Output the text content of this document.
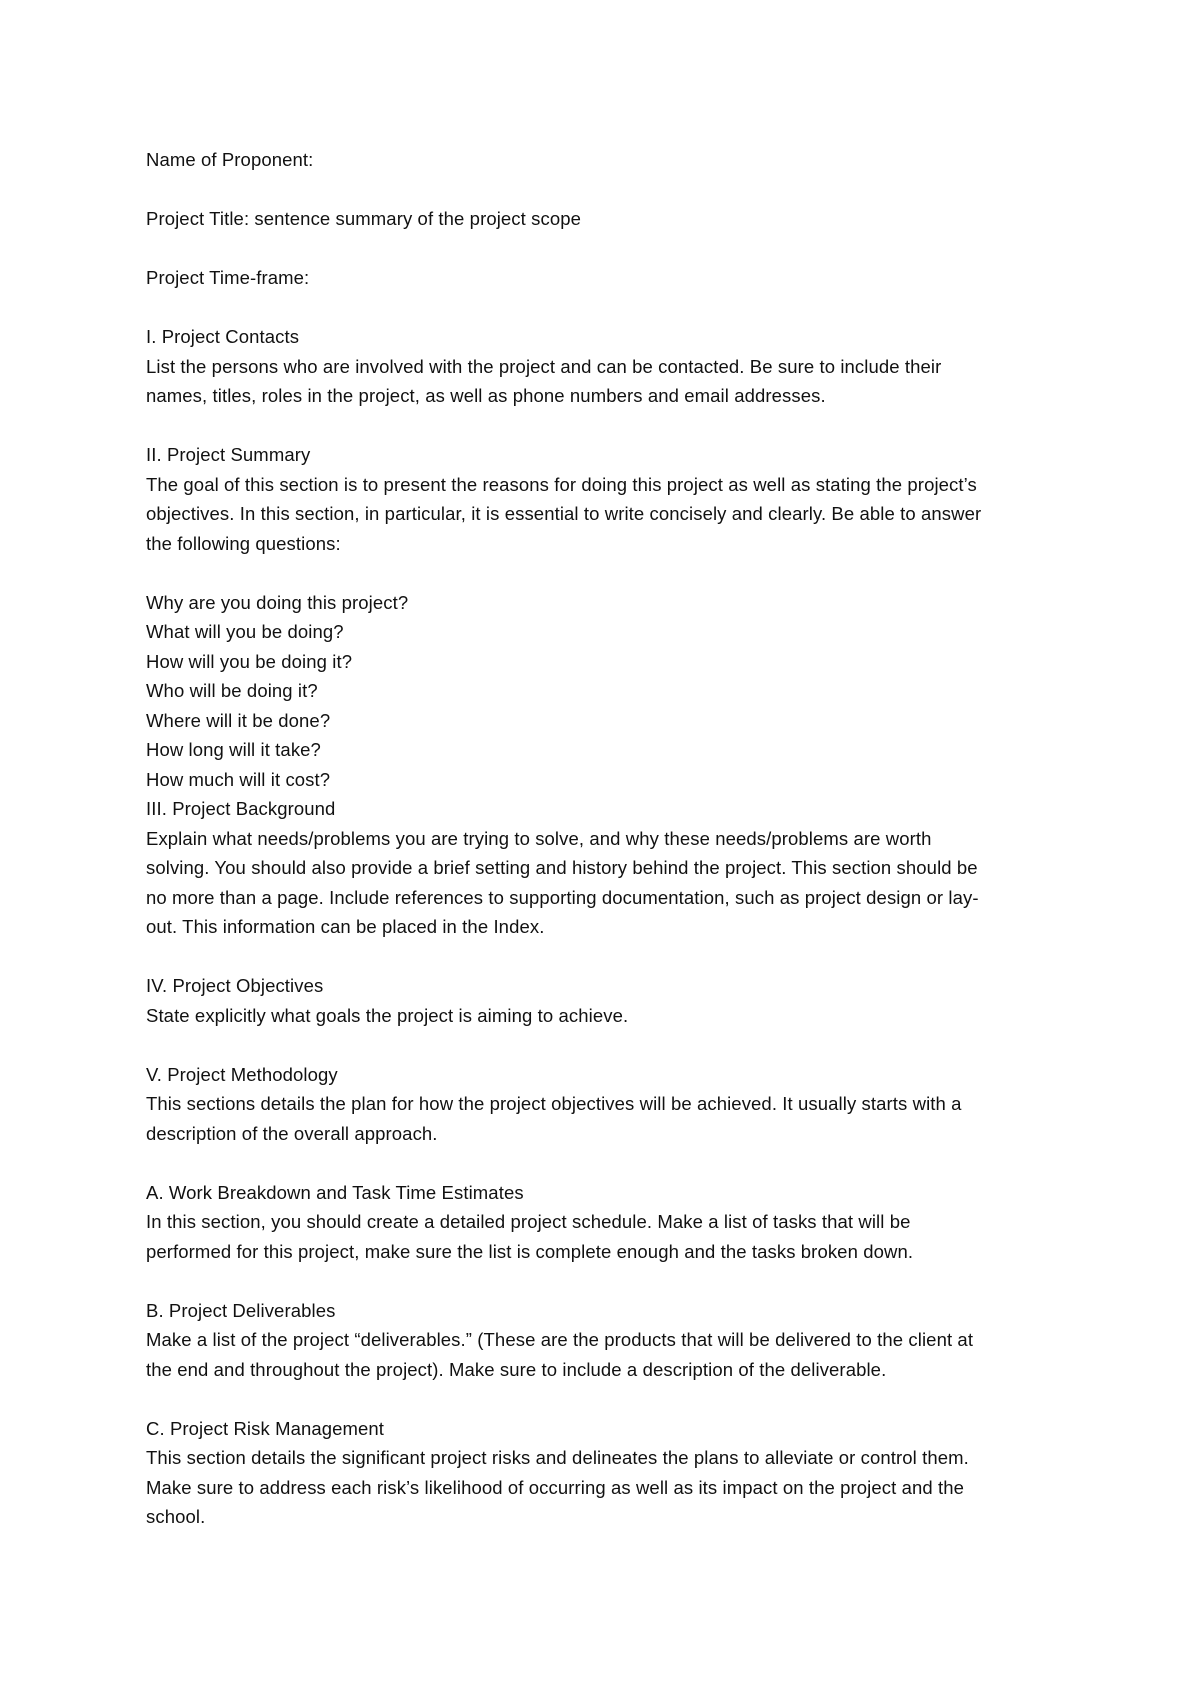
Name of Proponent:
Project Title: sentence summary of the project scope
Project Time-frame:
I. Project Contacts
List the persons who are involved with the project and can be contacted. Be sure to include their
names, titles, roles in the project, as well as phone numbers and email addresses.
II. Project Summary
The goal of this section is to present the reasons for doing this project as well as stating the project’s
objectives. In this section, in particular, it is essential to write concisely and clearly. Be able to answer
the following questions:
Why are you doing this project?
What will you be doing?
How will you be doing it?
Who will be doing it?
Where will it be done?
How long will it take?
How much will it cost?
III. Project Background
Explain what needs/problems you are trying to solve, and why these needs/problems are worth
solving. You should also provide a brief setting and history behind the project. This section should be
no more than a page. Include references to supporting documentation, such as project design or lay-
out. This information can be placed in the Index.
IV. Project Objectives
State explicitly what goals the project is aiming to achieve.
V. Project Methodology
This sections details the plan for how the project objectives will be achieved. It usually starts with a
description of the overall approach.
A. Work Breakdown and Task Time Estimates
In this section, you should create a detailed project schedule. Make a list of tasks that will be
performed for this project, make sure the list is complete enough and the tasks broken down.
B. Project Deliverables
Make a list of the project “deliverables.” (These are the products that will be delivered to the client at
the end and throughout the project). Make sure to include a description of the deliverable.
C. Project Risk Management
This section details the significant project risks and delineates the plans to alleviate or control them.
Make sure to address each risk’s likelihood of occurring as well as its impact on the project and the
school.
